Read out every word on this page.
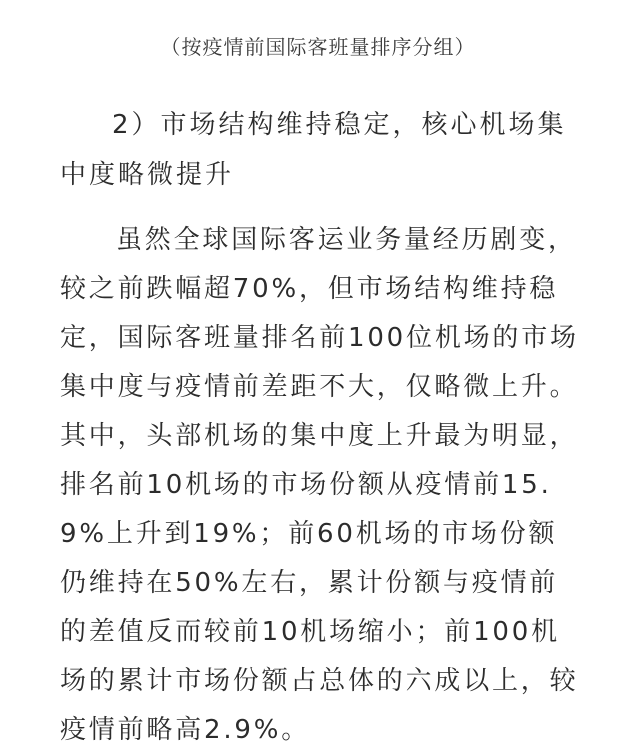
（按疫情前国际客班量排序分组）
2）市场结构维持稳定，核心机场集中度略微提升
虽然全球国际客运业务量经历剧变，较之前跌幅超70%，但市场结构维持稳定，国际客班量排名前100位机场的市场集中度与疫情前差距不大，仅略微上升。其中，头部机场的集中度上升最为明显，排名前10机场的市场份额从疫情前15.9%上升到19%；前60机场的市场份额仍维持在50%左右，累计份额与疫情前的差值反而较前10机场缩小；前100机场的累计市场份额占总体的六成以上，较疫情前略高2.9%。
